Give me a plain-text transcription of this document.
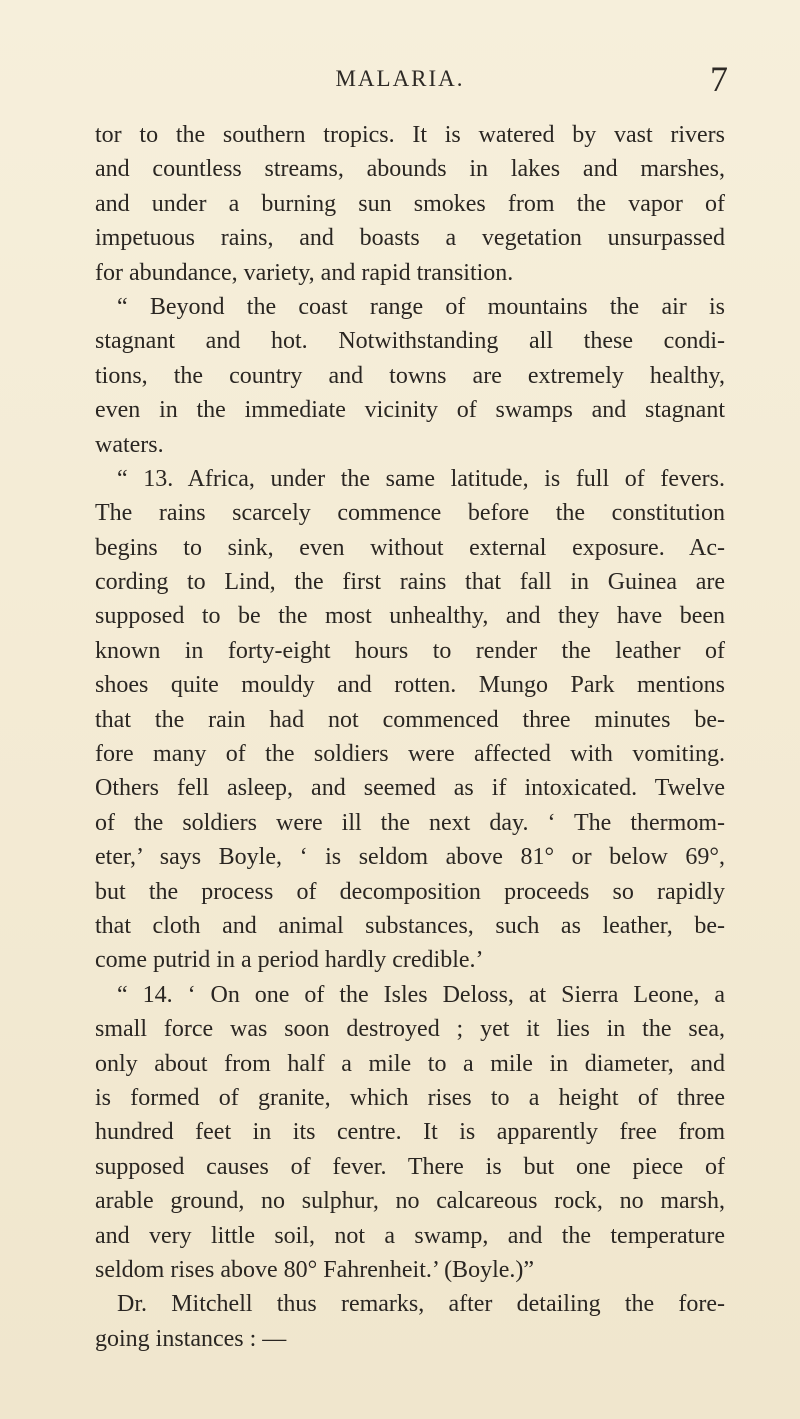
MALARIA.	7
tor to the southern tropics. It is watered by vast rivers
and countless streams, abounds in lakes and marshes,
and under a burning sun smokes from the vapor of
impetuous rains, and boasts a vegetation unsurpassed
for abundance, variety, and rapid transition.
“ Beyond the coast range of mountains the air is
stagnant and hot. Notwithstanding all these condi-
tions, the country and towns are extremely healthy,
even in the immediate vicinity of swamps and stagnant
waters.
“ 13. Africa, under the same latitude, is full of fevers.
The rains scarcely commence before the constitution
begins to sink, even without external exposure. Ac-
cording to Lind, the first rains that fall in Guinea are
supposed to be the most unhealthy, and they have been
known in forty-eight hours to render the leather of
shoes quite mouldy and rotten. Mungo Park mentions
that the rain had not commenced three minutes be-
fore many of the soldiers were affected with vomiting.
Others fell asleep, and seemed as if intoxicated. Twelve
of the soldiers were ill the next day. ‘ The thermom-
eter,’ says Boyle, ‘ is seldom above 81° or below 69°,
but the process of decomposition proceeds so rapidly
that cloth and animal substances, such as leather, be-
come putrid in a period hardly credible.’
“ 14. ‘ On one of the Isles Deloss, at Sierra Leone, a
small force was soon destroyed ; yet it lies in the sea,
only about from half a mile to a mile in diameter, and
is formed of granite, which rises to a height of three
hundred feet in its centre. It is apparently free from
supposed causes of fever. There is but one piece of
arable ground, no sulphur, no calcareous rock, no marsh,
and very little soil, not a swamp, and the temperature
seldom rises above 80° Fahrenheit.’ (Boyle.)”
Dr. Mitchell thus remarks, after detailing the fore-
going instances : —
